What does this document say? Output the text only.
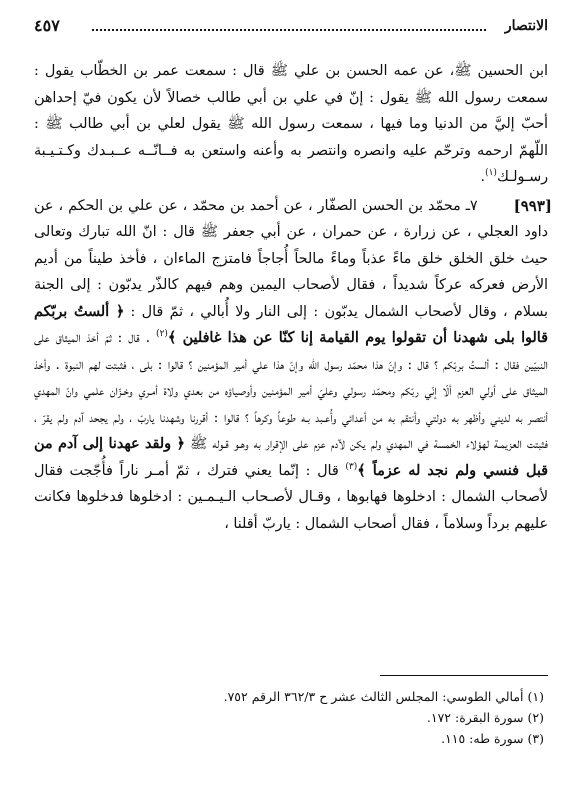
الانتصار
٤٥٧

ابن الحسين ﷺ، عن عمه الحسن بن علي ﷺ قال : سمعت عمر بن الخطّاب يقول : سمعت رسول الله ﷺ يقول : إنّ في علي بن أبي طالب خصالاً لأن يكون فيّ إحداهن أحبّ إليَّ من الدنيا وما فيها ، سمعت رسول الله ﷺ يقول لعلي بن أبي طالب ﷺ : اللّهمّ ارحمه وترحّم عليه وانصره وانتصر به وأعنه واستعن به فــانّــه عــبـدك وكـتـيـبة رسـولـك$^{(١)}$.

[٩٩٣]
٧ـ محمّد بن الحسن الصفّار ، عن أحمد بن محمّد ، عن علي بن الحكم ، عن داود العجلي ، عن زرارة ، عن حمران ، عن أبي جعفر ﷺ قال : انّ الله تبارك وتعالى حيث خلق الخلق خلق ماءً عذباً وماءً مالحاً أُجاجاً فامتزج الماءان ، فأخذ طيناً من أديم الأرض فعركه عركاً شديداً ، فقال لأصحاب اليمين وهم فيهم كالذّر يدبّون : إلى الجنة بسلام ، وقال لأصحاب الشمال يدبّون : إلى النار ولا أُبالي ، ثمّ قال : ﴿ ألستُ بربّكم قالوا بلى شهدنا أن تقولوا يوم القيامة إنا كنّا عن هذا غافلين ﴾$^{(٢)}$ . قال : ثمّ أخذ الميثاق على النبيّين فقال : ألستُ بربّكم ؟ قال : وإنّ هذا محمّد رسول الله وإنّ هذا علي أمير المؤمنين ؟ قالوا : بلى ، فثبتت لهم النبوة . وأخذ الميثاق على أولي العزم ألّا إنّي ربّكم ومحمّد رسولي وعليّ أمير المؤمنين وأوصياؤه من بعدي ولاة أمـري وخـزّان علمي وانّ المهدي أنتصر به لديني وأظهر به دولتي وأنتقم به من أعدائي وأُعـبد بـه طوعاً وكرهاً ؟ قالوا : أقررنا وشهدنا ياربّ ، ولم يجحد آدم ولم يقرّ ، فثبتت العزيمـة لهؤلاء الخمسة في المهدي ولم يكن لآدم عزم على الإقرار به وهـو قـوله ﷺ ﴿ ولقد عهدنا إلى آدم من قبل فنسي ولم نجد له عزماً ﴾$^{(٣)}$ قال : إنّما يعني فترك ، ثمّ أمـر ناراً فأُجّجت فقال لأصحاب الشمال : ادخلوها فهابوها ، وقـال لأصـحاب الـيـمـين : ادخلوها فدخلوها فكانت عليهم برداً وسلاماً ، فقال أصحاب الشمال : ياربّ أقلنا ،

(١) أمالي الطوسي: المجلس الثالث عشر ح ٣٦٢/٣ الرقم ٧٥٢.

(٢) سورة البقرة: ١٧٢.

(٣) سورة طه: ١١٥.
